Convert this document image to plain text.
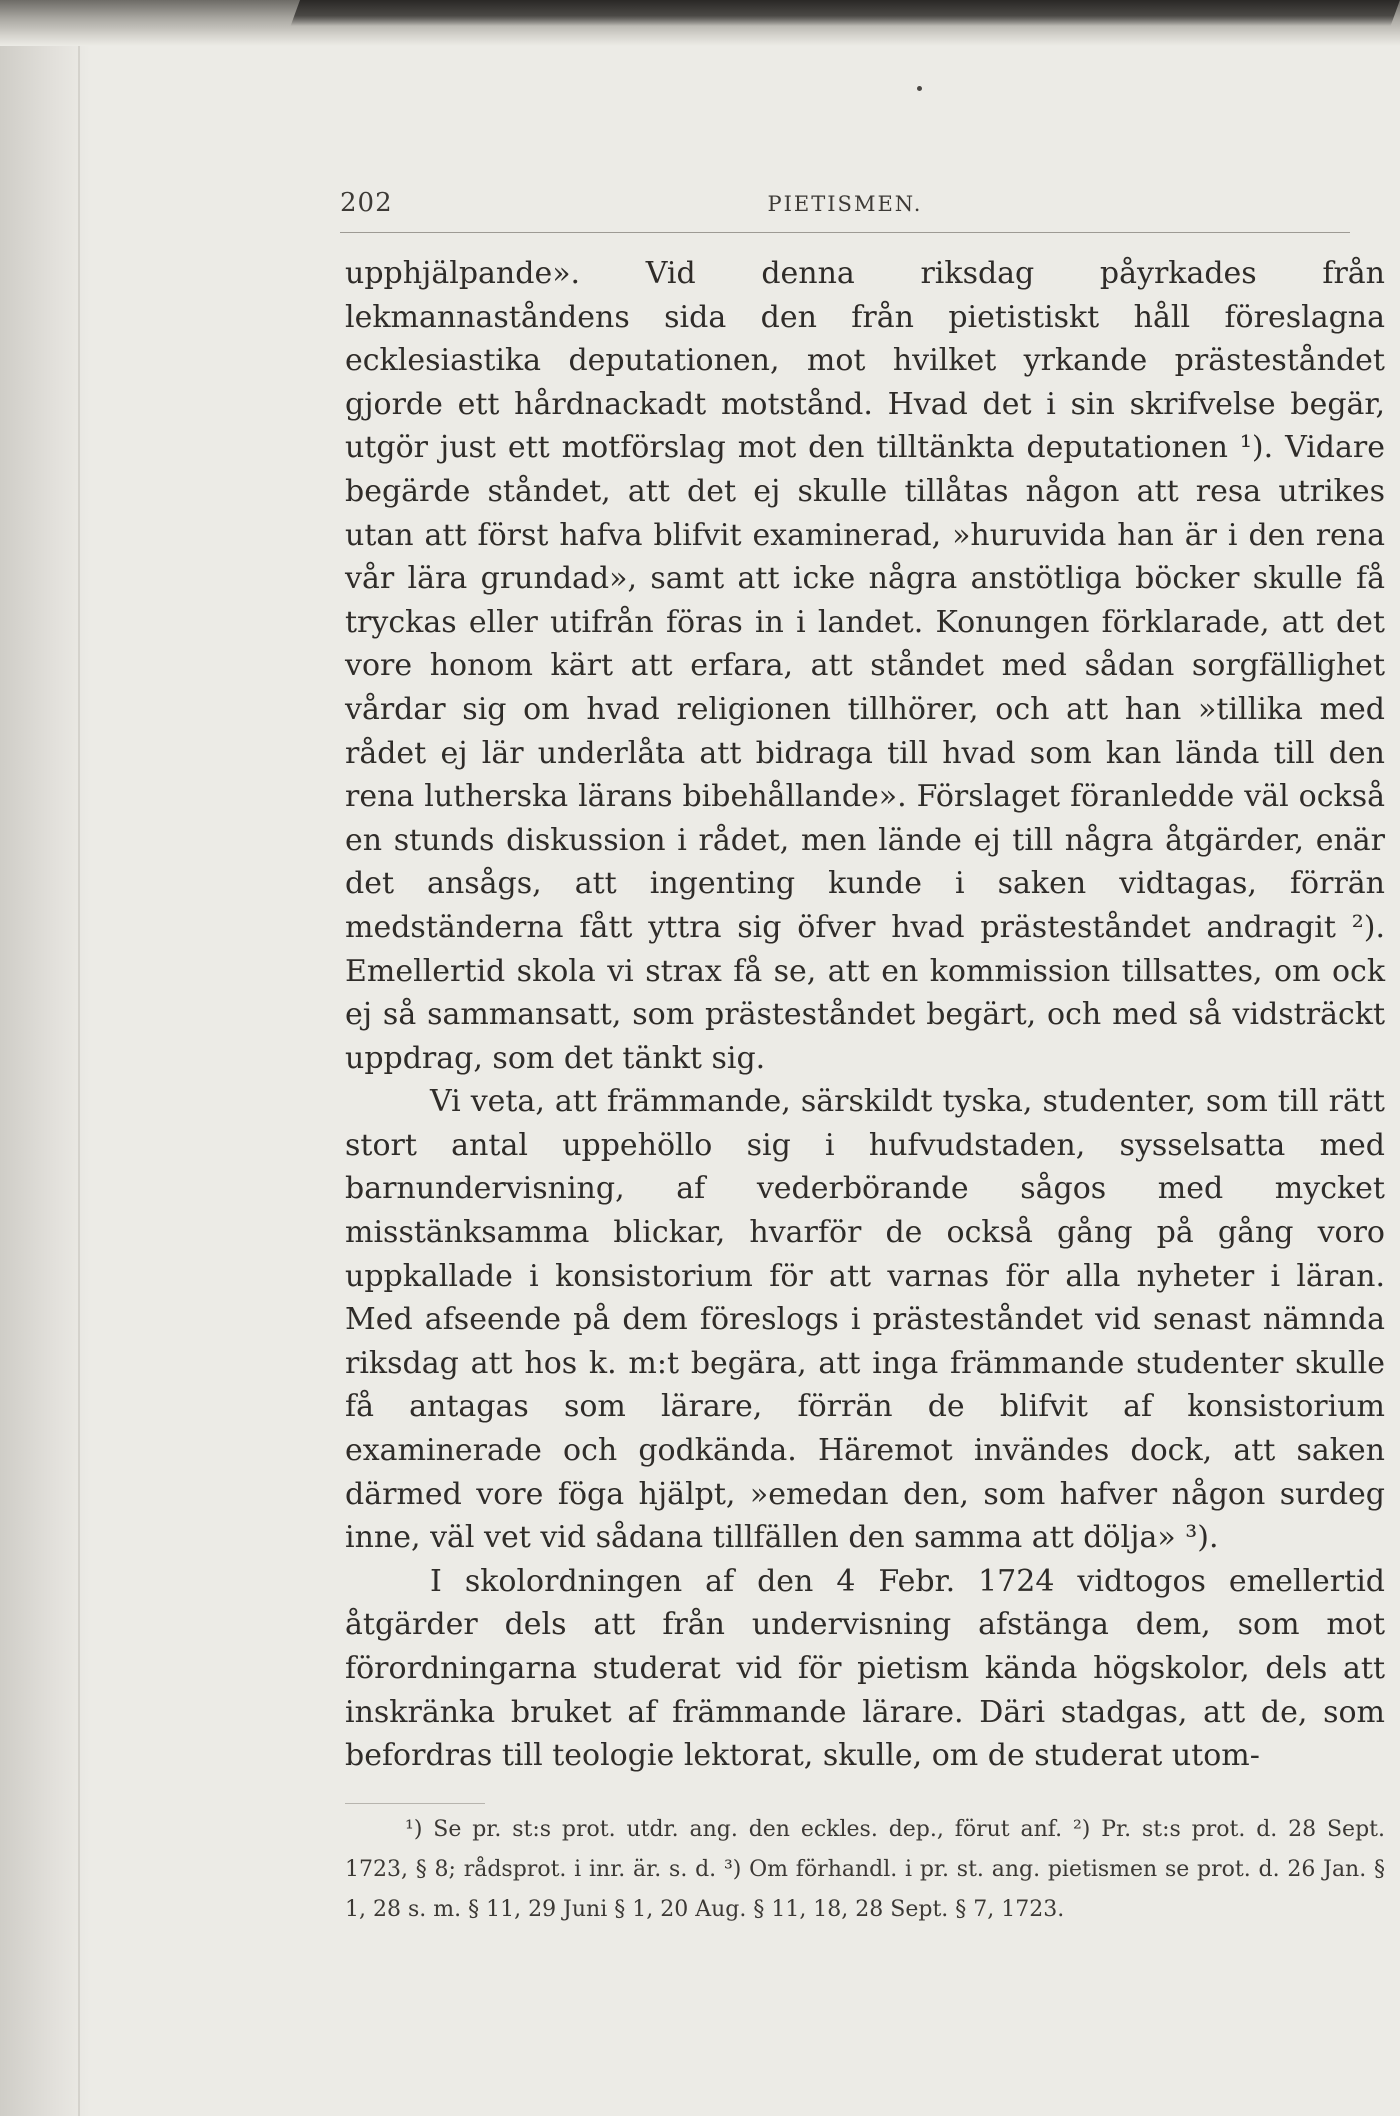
202	PIETISMEN.

upphjälpande». Vid denna riksdag påyrkades från lekmannaståndens sida den från pietistiskt håll föreslagna ecklesiastika deputationen, mot hvilket yrkande prästeståndet gjorde ett hårdnackadt motstånd. Hvad det i sin skrifvelse begär, utgör just ett motförslag mot den tilltänkta deputationen ¹). Vidare begärde ståndet, att det ej skulle tillåtas någon att resa utrikes utan att först hafva blifvit examinerad, »huruvida han är i den rena vår lära grundad», samt att icke några anstötliga böcker skulle få tryckas eller utifrån föras in i landet. Konungen förklarade, att det vore honom kärt att erfara, att ståndet med sådan sorgfällighet vårdar sig om hvad religionen tillhörer, och att han »tillika med rådet ej lär underlåta att bidraga till hvad som kan lända till den rena lutherska lärans bibehållande». Förslaget föranledde väl också en stunds diskussion i rådet, men lände ej till några åtgärder, enär det ansågs, att ingenting kunde i saken vidtagas, förrän medständerna fått yttra sig öfver hvad prästeståndet andragit ²). Emellertid skola vi strax få se, att en kommission tillsattes, om ock ej så sammansatt, som prästeståndet begärt, och med så vidsträckt uppdrag, som det tänkt sig.

Vi veta, att främmande, särskildt tyska, studenter, som till rätt stort antal uppehöllo sig i hufvudstaden, sysselsatta med barnundervisning, af vederbörande sågos med mycket misstänksamma blickar, hvarför de också gång på gång voro uppkallade i konsistorium för att varnas för alla nyheter i läran. Med afseende på dem föreslogs i prästeståndet vid senast nämnda riksdag att hos k. m:t begära, att inga främmande studenter skulle få antagas som lärare, förrän de blifvit af konsistorium examinerade och godkända. Häremot invändes dock, att saken därmed vore föga hjälpt, »emedan den, som hafver någon surdeg inne, väl vet vid sådana tillfällen den samma att dölja» ³).

I skolordningen af den 4 Febr. 1724 vidtogos emellertid åtgärder dels att från undervisning afstänga dem, som mot förordningarna studerat vid för pietism kända högskolor, dels att inskränka bruket af främmande lärare. Däri stadgas, att de, som befordras till teologie lektorat, skulle, om de studerat utom-

¹) Se pr. st:s prot. utdr. ang. den eckles. dep., förut anf. ²) Pr. st:s prot. d. 28 Sept. 1723, § 8; rådsprot. i inr. är. s. d. ³) Om förhandl. i pr. st. ang. pietismen se prot. d. 26 Jan. § 1, 28 s. m. § 11, 29 Juni § 1, 20 Aug. § 11, 18, 28 Sept. § 7, 1723.
